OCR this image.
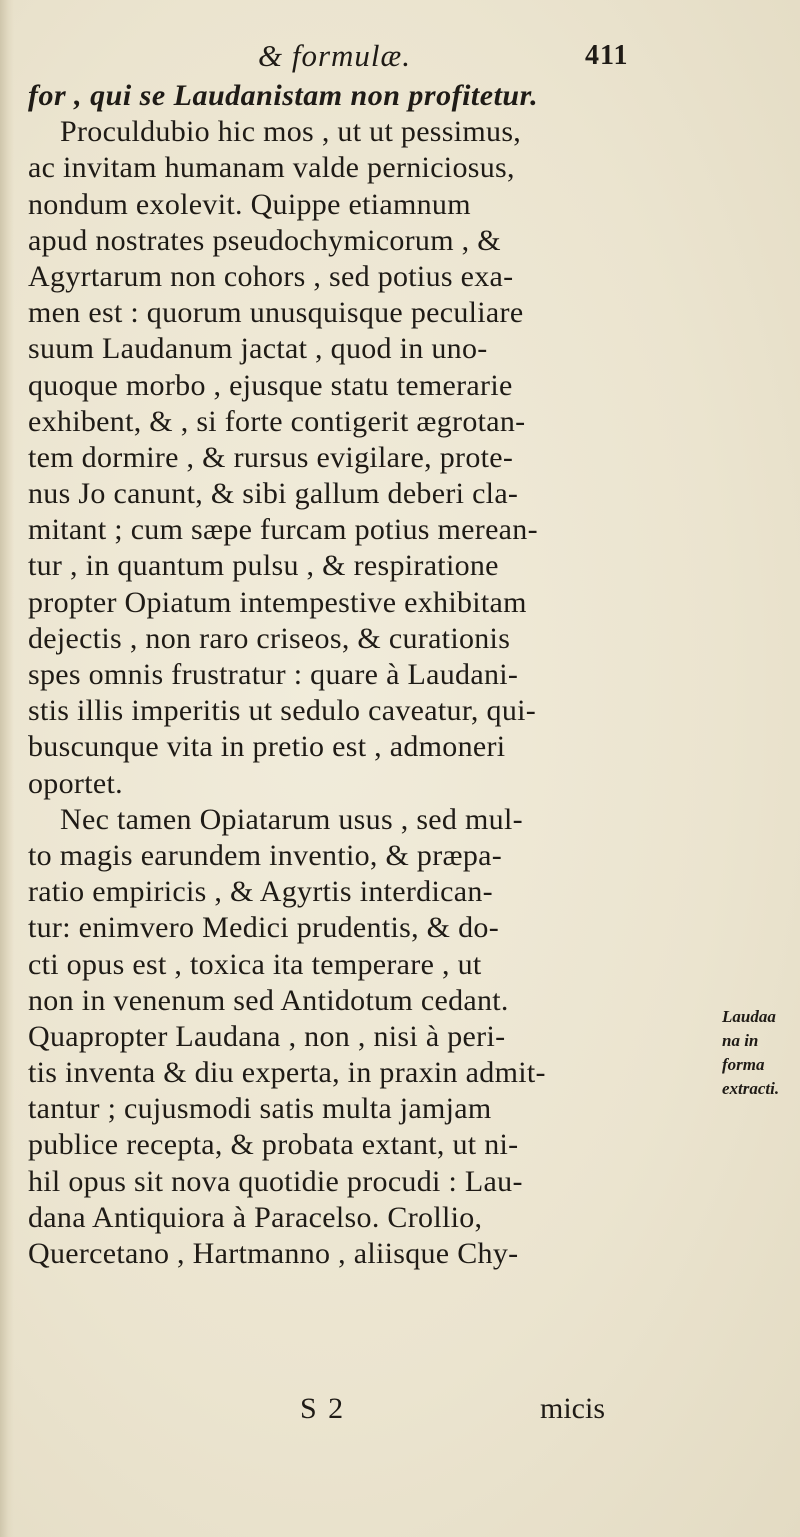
& formulæ.	411
for , qui se Laudanistam non profitetur.
Proculdubio hic mos , ut ut pessimus,
ac invitam humanam valde perniciosus,
nondum exolevit. Quippe etiamnum
apud nostrates pseudochymicorum , &
Agyrtarum non cohors , sed potius exa-
men est : quorum unusquisque peculiare
suum Laudanum jactat , quod in uno-
quoque morbo , ejusque statu temerarie
exhibent, & , si forte contigerit ægrotan-
tem dormire , & rursus evigilare, prote-
nus Jo canunt, & sibi gallum deberi cla-
mitant ; cum sæpe furcam potius merean-
tur , in quantum pulsu , & respiratione
propter Opiatum intempestive exhibitam
dejectis , non raro criseos, & curationis
spes omnis frustratur : quare à Laudani-
stis illis imperitis ut sedulo caveatur, qui-
buscunque vita in pretio est , admoneri
oportet.
Nec tamen Opiatarum usus , sed mul-
to magis earundem inventio, & præpa-
ratio empiricis , & Agyrtis interdican-
tur: enimvero Medici prudentis, & do-
cti opus est , toxica ita temperare , ut
non in venenum sed Antidotum cedant.
Quapropter Laudana , non , nisi à peri-
tis inventa & diu experta, in praxin admit-
tantur ; cujusmodi satis multa jamjam
publice recepta, & probata extant, ut ni-
hil opus sit nova quotidie procudi : Lau-
dana Antiquiora à Paracelso. Crollio,
Quercetano , Hartmanno , aliisque Chy-
Laudaa
na in
forma
extracti.
S 2	micis
